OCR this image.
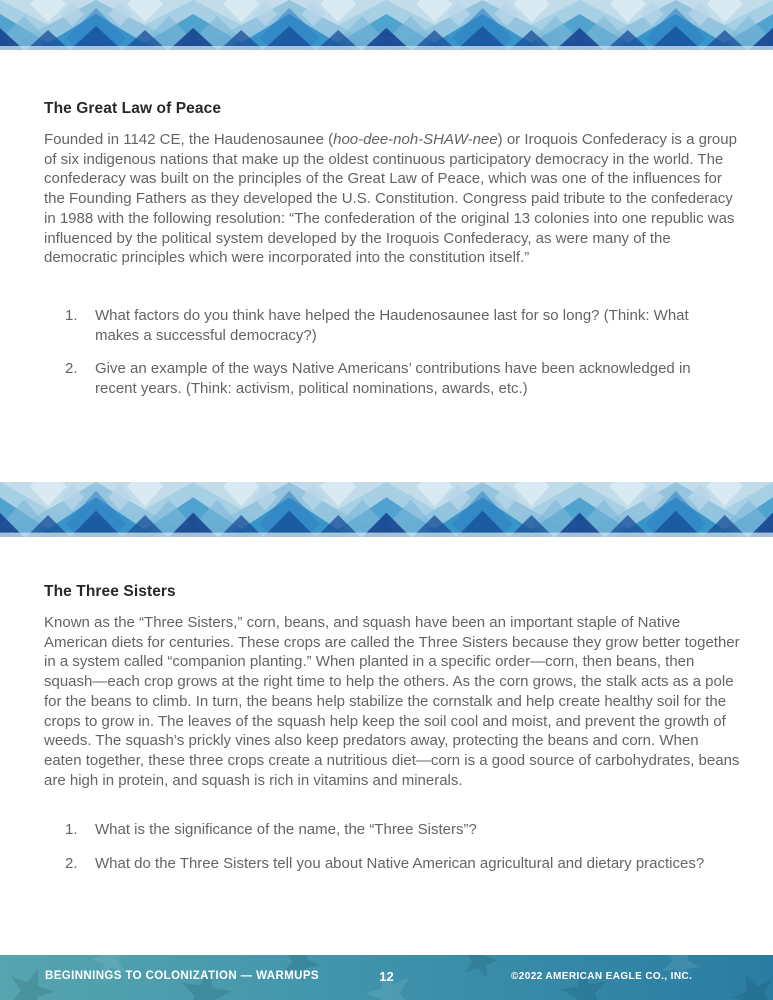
The Great Law of Peace

Founded in 1142 CE, the Haudenosaunee (hoo-dee-noh-SHAW-nee) or Iroquois Confederacy is a group of six indigenous nations that make up the oldest continuous participatory democracy in the world. The confederacy was built on the principles of the Great Law of Peace, which was one of the influences for the Founding Fathers as they developed the U.S. Constitution. Congress paid tribute to the confederacy in 1988 with the following resolution: “The confederation of the original 13 colonies into one republic was influenced by the political system developed by the Iroquois Confederacy, as were many of the democratic principles which were incorporated into the constitution itself.”

1.	What factors do you think have helped the Haudenosaunee last for so long? (Think: What makes a successful democracy?)
2.	Give an example of the ways Native Americans’ contributions have been acknowledged in recent years. (Think: activism, political nominations, awards, etc.)
The Three Sisters

Known as the “Three Sisters,” corn, beans, and squash have been an important staple of Native American diets for centuries. These crops are called the Three Sisters because they grow better together in a system called “companion planting.” When planted in a specific order—corn, then beans, then squash—each crop grows at the right time to help the others. As the corn grows, the stalk acts as a pole for the beans to climb. In turn, the beans help stabilize the cornstalk and help create healthy soil for the crops to grow in. The leaves of the squash help keep the soil cool and moist, and prevent the growth of weeds. The squash’s prickly vines also keep predators away, protecting the beans and corn. When eaten together, these three crops create a nutritious diet—corn is a good source of carbohydrates, beans are high in protein, and squash is rich in vitamins and minerals.

1.	What is the significance of the name, the “Three Sisters”?
2.	What do the Three Sisters tell you about Native American agricultural and dietary practices?
BEGINNINGS TO COLONIZATION — WARMUPS	12	©2022 AMERICAN EAGLE CO., INC.
